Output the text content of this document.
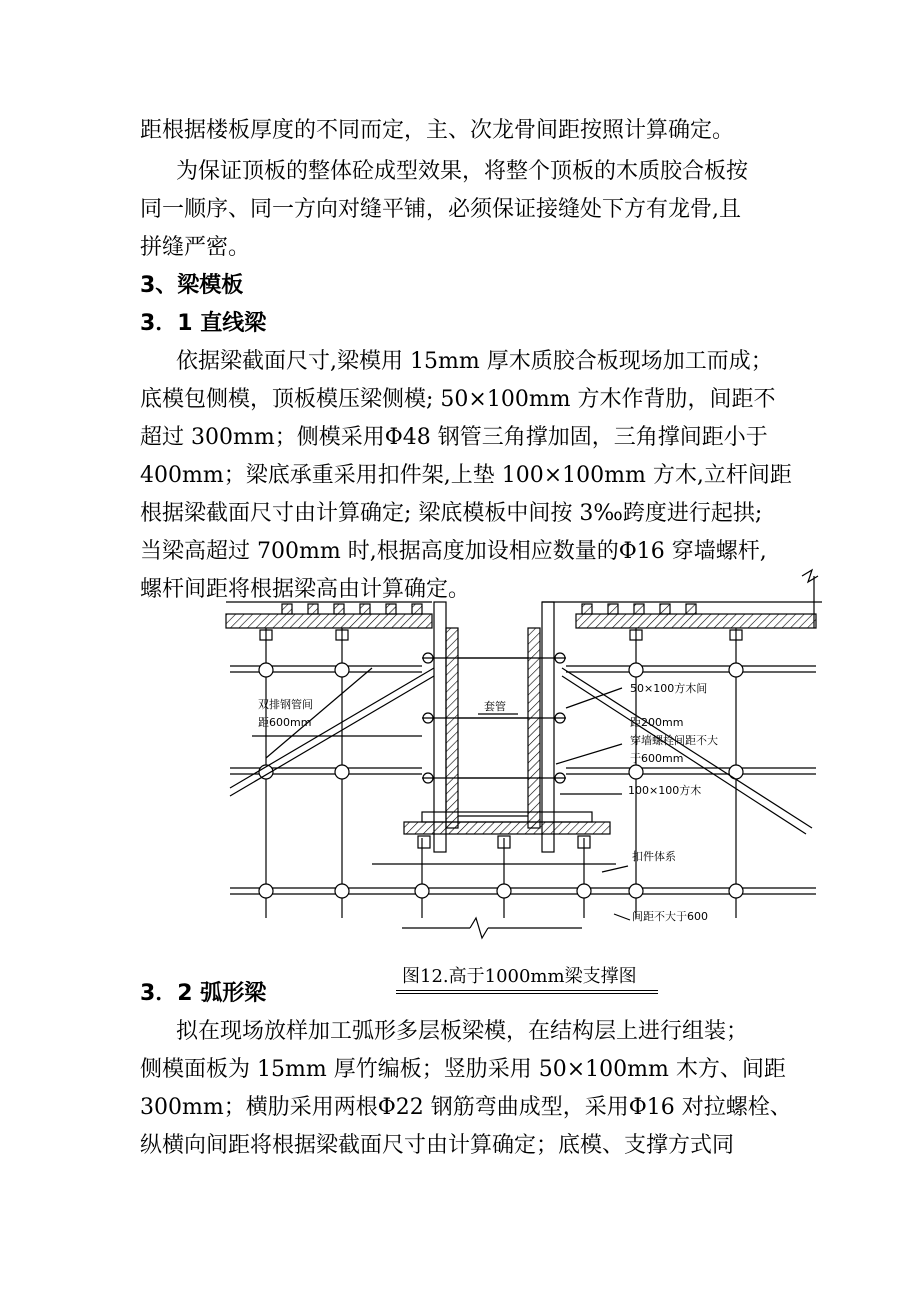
距根据楼板厚度的不同而定，主、次龙骨间距按照计算确定。

为保证顶板的整体砼成型效果，将整个顶板的木质胶合板按

同一顺序、同一方向对缝平铺，必须保证接缝处下方有龙骨,且

拼缝严密。

3、梁模板

3．1 直线梁

依据梁截面尺寸,梁模用 15mm 厚木质胶合板现场加工而成；

底模包侧模，顶板模压梁侧模; 50×100mm 方木作背肋，间距不

超过 300mm；侧模采用Φ48 钢管三角撑加固，三角撑间距小于

400mm；梁底承重采用扣件架,上垫 100×100mm 方木,立杆间距

根据梁截面尺寸由计算确定; 梁底模板中间按 3‰跨度进行起拱;

当梁高超过 700mm 时,根据高度加设相应数量的Φ16 穿墙螺杆,

螺杆间距将根据梁高由计算确定。

双排钢管间
距600mm
套管
50×100方木间
距200mm
穿墙螺栓间距不大
于600mm
100×100方木
扣件体系
间距不大于600

图12.高于1000mm梁支撑图

3．2 弧形梁

拟在现场放样加工弧形多层板梁模，在结构层上进行组装；

侧模面板为 15mm 厚竹编板；竖肋采用 50×100mm 木方、间距

300mm；横肋采用两根Φ22 钢筋弯曲成型，采用Φ16 对拉螺栓、

纵横向间距将根据梁截面尺寸由计算确定；底模、支撑方式同
